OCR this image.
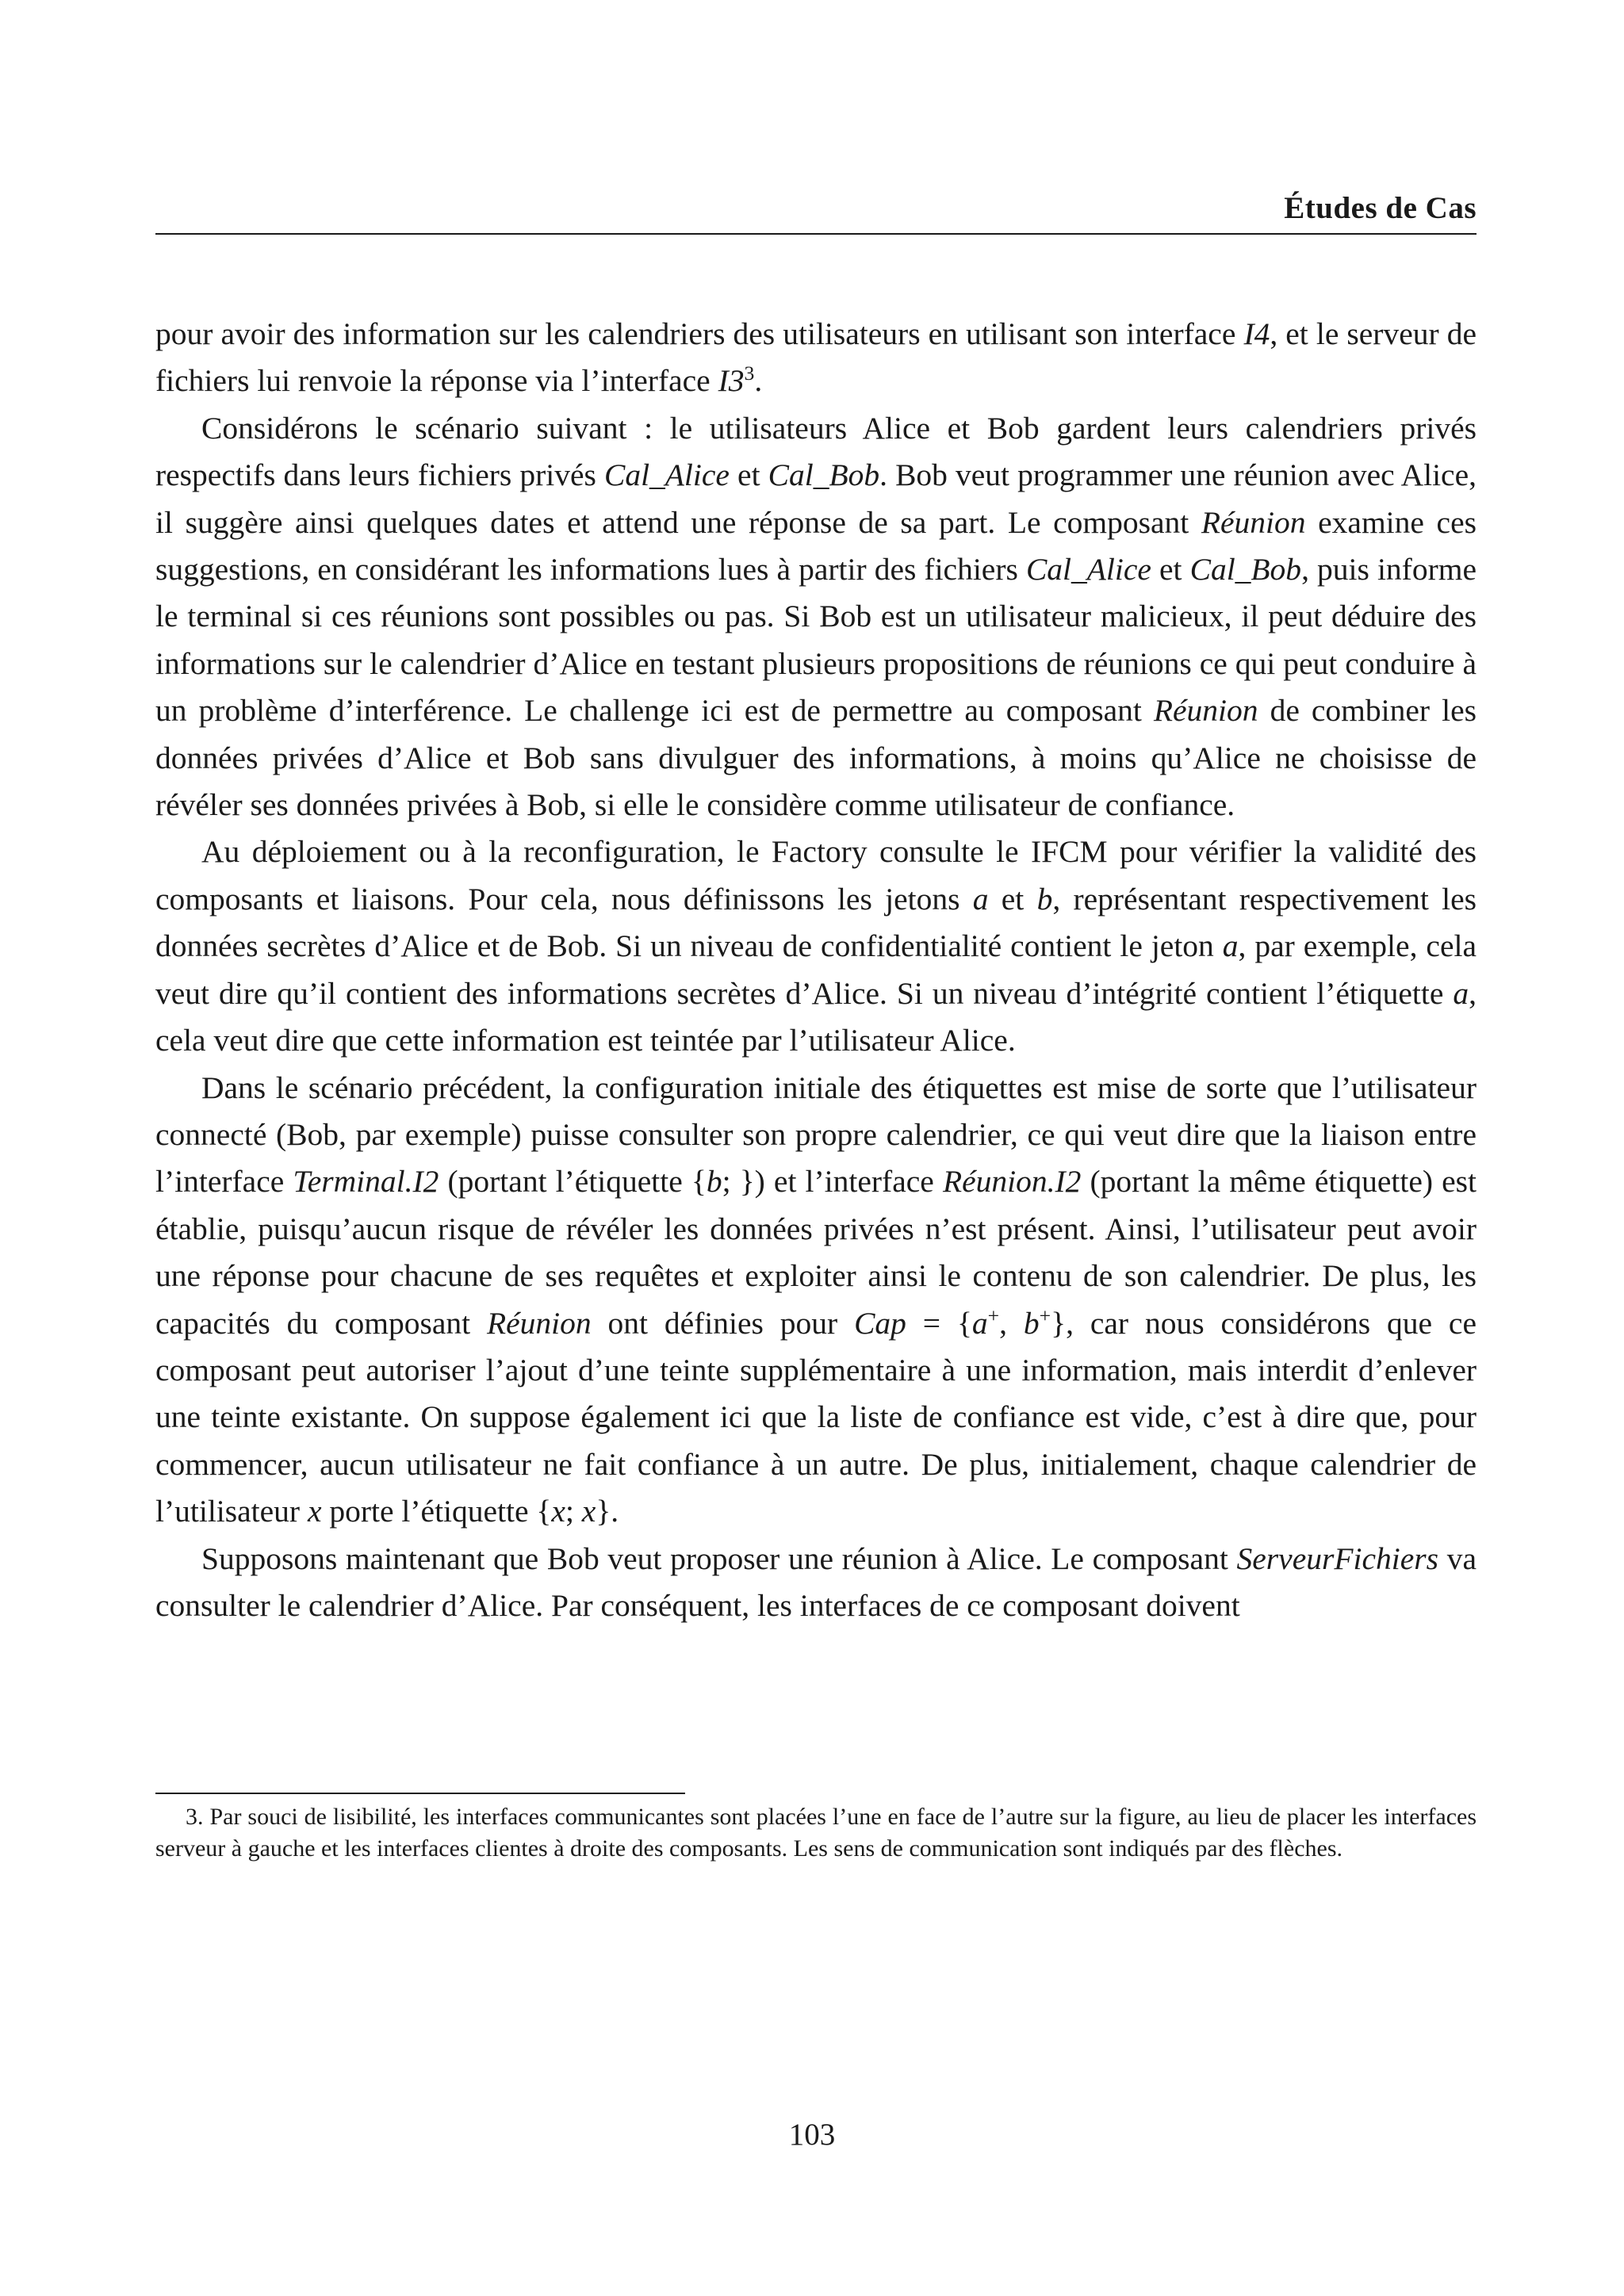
Études de Cas

pour avoir des information sur les calendriers des utilisateurs en utilisant son interface I4, et le serveur de fichiers lui renvoie la réponse via l’interface $I3^3$.

Considérons le scénario suivant : le utilisateurs Alice et Bob gardent leurs calendriers privés respectifs dans leurs fichiers privés Cal_Alice et Cal_Bob. Bob veut programmer une réunion avec Alice, il suggère ainsi quelques dates et attend une réponse de sa part. Le composant Réunion examine ces suggestions, en considérant les informations lues à partir des fichiers Cal_Alice et Cal_Bob, puis informe le terminal si ces réunions sont possibles ou pas. Si Bob est un utilisateur malicieux, il peut déduire des informations sur le calendrier d’Alice en testant plusieurs propositions de réunions ce qui peut conduire à un problème d’interférence. Le challenge ici est de permettre au composant Réunion de combiner les données privées d’Alice et Bob sans divulguer des informations, à moins qu’Alice ne choisisse de révéler ses données privées à Bob, si elle le considère comme utilisateur de confiance.

Au déploiement ou à la reconfiguration, le Factory consulte le IFCM pour vérifier la validité des composants et liaisons. Pour cela, nous définissons les jetons a et b, représentant respectivement les données secrètes d’Alice et de Bob. Si un niveau de confidentialité contient le jeton a, par exemple, cela veut dire qu’il contient des informations secrètes d’Alice. Si un niveau d’intégrité contient l’étiquette a, cela veut dire que cette information est teintée par l’utilisateur Alice.

Dans le scénario précédent, la configuration initiale des étiquettes est mise de sorte que l’utilisateur connecté (Bob, par exemple) puisse consulter son propre calendrier, ce qui veut dire que la liaison entre l’interface Terminal.I2 (portant l’étiquette {b; }) et l’interface Réunion.I2 (portant la même étiquette) est établie, puisqu’aucun risque de révéler les données privées n’est présent. Ainsi, l’utilisateur peut avoir une réponse pour chacune de ses requêtes et exploiter ainsi le contenu de son calendrier. De plus, les capacités du composant Réunion ont définies pour Cap = {a+, b+}, car nous considérons que ce composant peut autoriser l’ajout d’une teinte supplémentaire à une information, mais interdit d’enlever une teinte existante. On suppose également ici que la liste de confiance est vide, c’est à dire que, pour commencer, aucun utilisateur ne fait confiance à un autre. De plus, initialement, chaque calendrier de l’utilisateur x porte l’étiquette {x; x}.

Supposons maintenant que Bob veut proposer une réunion à Alice. Le composant ServeurFichiers va consulter le calendrier d’Alice. Par conséquent, les interfaces de ce composant doivent

3. Par souci de lisibilité, les interfaces communicantes sont placées l’une en face de l’autre sur la figure, au lieu de placer les interfaces serveur à gauche et les interfaces clientes à droite des composants. Les sens de communication sont indiqués par des flèches.
103
